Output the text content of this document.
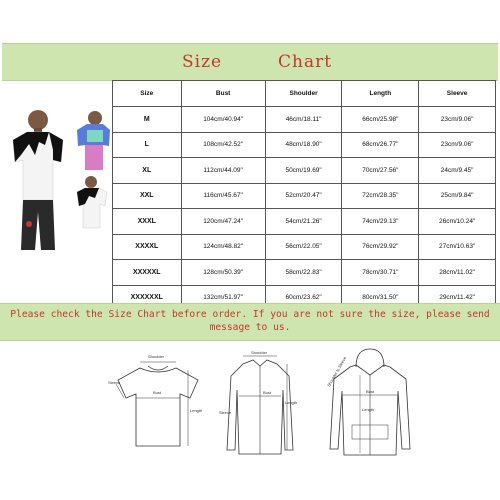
Size	Chart
Size	Bust	Shoulder	Length	Sleeve
M	104cm/40.94"	46cm/18.11"	66cm/25.98"	23cm/9.06"
L	108cm/42.52"	48cm/18.90"	68cm/26.77"	23cm/9.06"
XL	112cm/44.09"	50cm/19.69"	70cm/27.56"	24cm/9.45"
XXL	116cm/45.67"	52cm/20.47"	72cm/28.35"	25cm/9.84"
XXXL	120cm/47.24"	54cm/21.26"	74cm/29.13"	26cm/10.24"
XXXXL	124cm/48.82"	56cm/22.05"	76cm/29.92"	27cm/10.63"
XXXXXL	128cm/50.39"	58cm/22.83"	78cm/30.71"	28cm/11.02"
XXXXXXL	132cm/51.97"	60cm/23.62"	80cm/31.50"	29cm/11.42"
Please check the Size Chart before order. If you are not sure the size, please send message to us.
Shoulder
Bust
Length
Sleeve
Shoulder
Bust
Length
Sleeve
Shoulder to Sleeve
Bust
Length
